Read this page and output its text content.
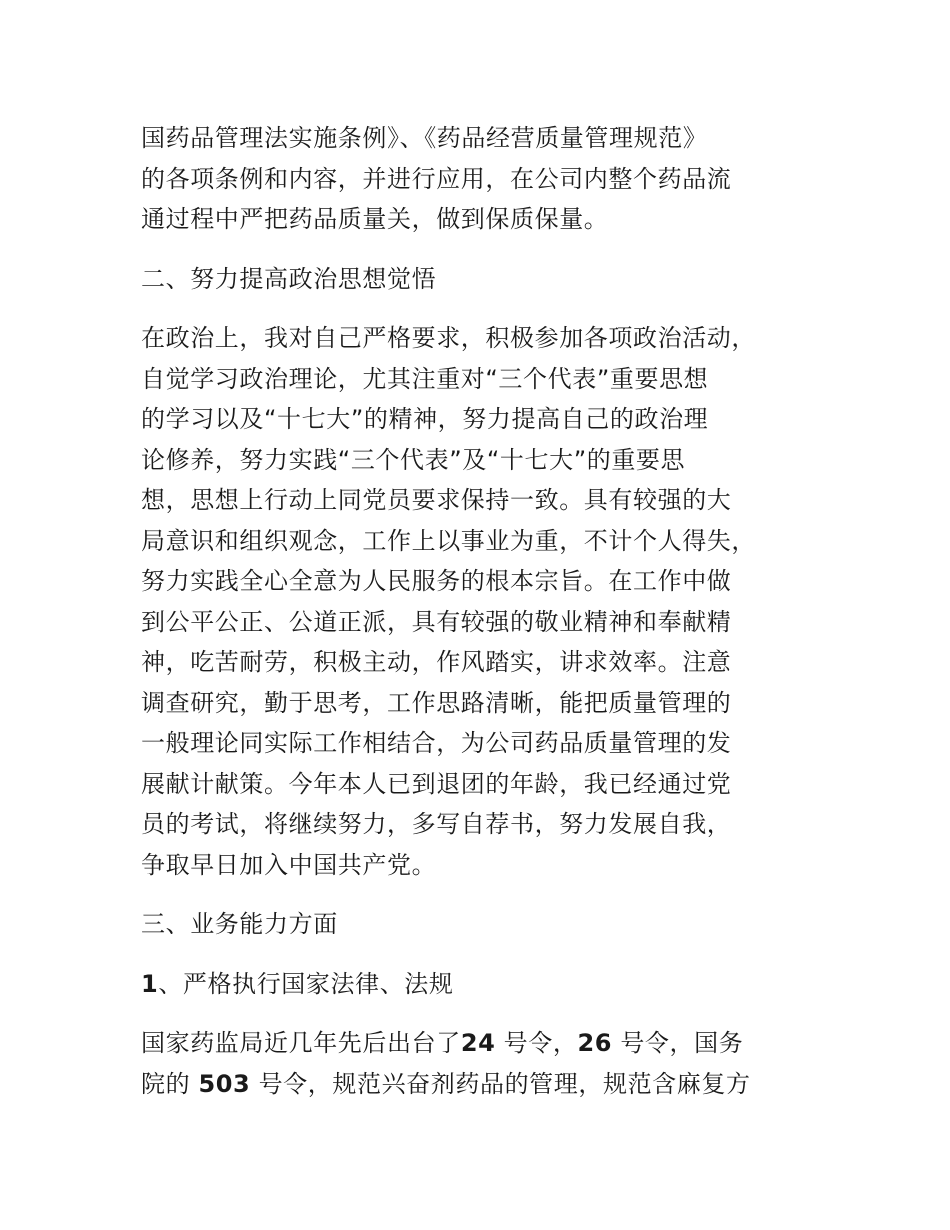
国药品管理法实施条例》、《药品经营质量管理规范》
的各项条例和内容，并进行应用，在公司内整个药品流
通过程中严把药品质量关，做到保质保量。

二、努力提高政治思想觉悟

在政治上，我对自己严格要求，积极参加各项政治活动，
自觉学习政治理论，尤其注重对“三个代表”重要思想
的学习以及“十七大”的精神，努力提高自己的政治理
论修养，努力实践“三个代表”及“十七大”的重要思
想，思想上行动上同党员要求保持一致。具有较强的大
局意识和组织观念，工作上以事业为重，不计个人得失，
努力实践全心全意为人民服务的根本宗旨。在工作中做
到公平公正、公道正派，具有较强的敬业精神和奉献精
神，吃苦耐劳，积极主动，作风踏实，讲求效率。注意
调查研究，勤于思考，工作思路清晰，能把质量管理的
一般理论同实际工作相结合，为公司药品质量管理的发
展献计献策。今年本人已到退团的年龄，我已经通过党
员的考试，将继续努力，多写自荐书，努力发展自我，
争取早日加入中国共产党。

三、业务能力方面

1、严格执行国家法律、法规

国家药监局近几年先后出台了24 号令，26 号令，国务
院的 503 号令，规范兴奋剂药品的管理，规范含麻复方
